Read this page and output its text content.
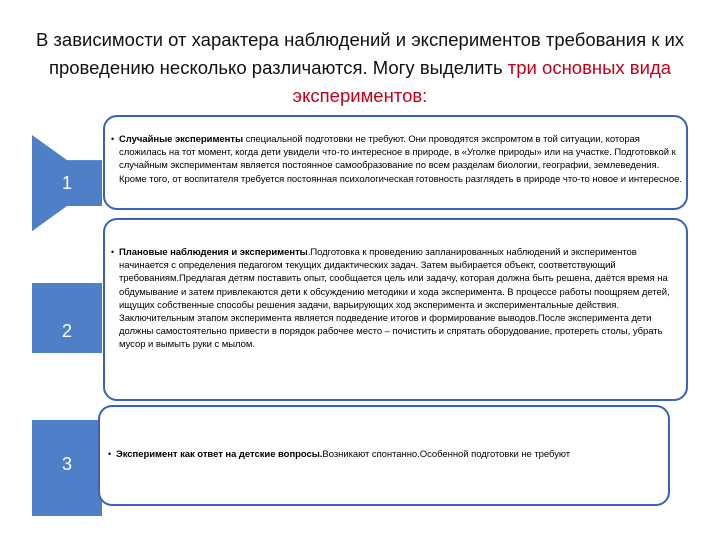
В зависимости от характера наблюдений и экспериментов требования к их проведению несколько различаются. Могу выделить три основных вида экспериментов:
1
• Случайные эксперименты специальной подготовки не требуют. Они проводятся экспромтом в той ситуации, которая сложилась на тот момент, когда дети увидели что-то интересное в природе, в «Уголке природы» или на участке. Подготовкой к случайным экспериментам является постоянное самообразование по всем разделам биологии, географии, землеведения. Кроме того, от воспитателя требуется постоянная психологическая готовность разглядеть в природе что-то новое и интересное.
2
• Плановые наблюдения и эксперименты.Подготовка к проведению запланированных наблюдений и экспериментов начинается с определения педагогом текущих дидактических задач. Затем выбирается объект, соответствующий требованиям.Предлагая детям поставить опыт, сообщается цель или задачу, которая должна быть решена, даётся время на обдумывание и затем привлекаются дети к обсуждению методики и хода эксперимента. В процессе работы поощряем детей, ищущих собственные способы решения задачи, варьирующих ход эксперимента и экспериментальные действия. Заключительным этапом эксперимента является подведение итогов и формирование выводов.После эксперимента дети должны самостоятельно привести в порядок рабочее место – почистить и спрятать оборудование, протереть столы, убрать мусор и вымыть руки с мылом.
3	• Эксперимент как ответ на детские вопросы.Возникают спонтанно.Особенной подготовки не требуют
